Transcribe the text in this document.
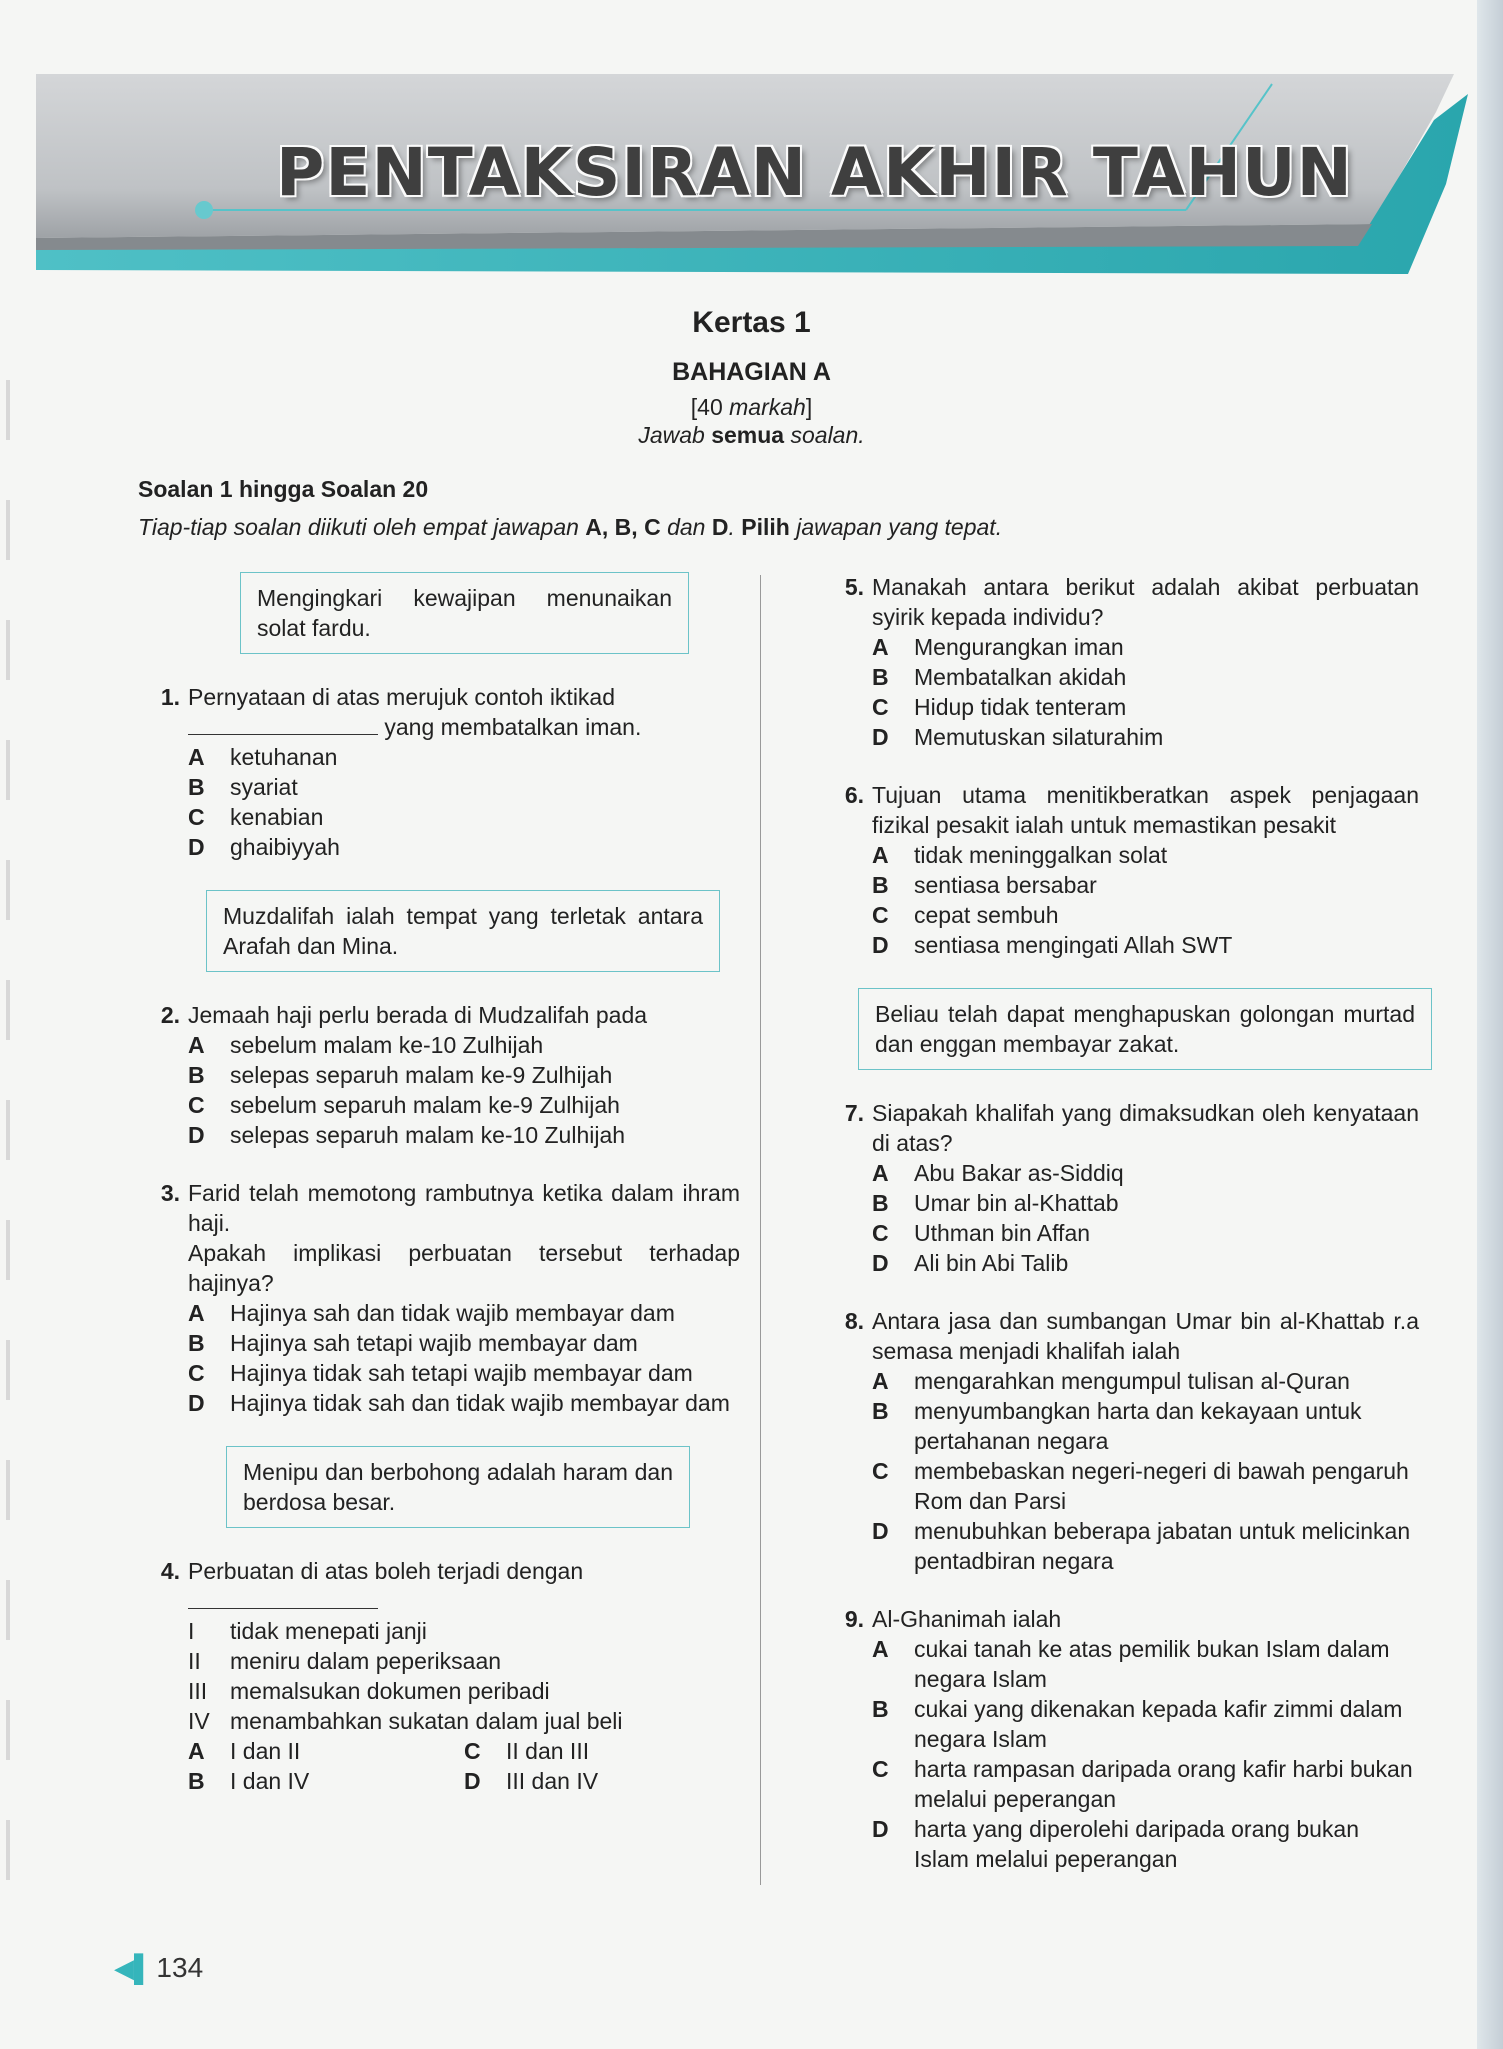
PENTAKSIRAN AKHIR TAHUN
Kertas 1
BAHAGIAN A
[40 markah]
Jawab semua soalan.
Soalan 1 hingga Soalan 20
Tiap-tiap soalan diikuti oleh empat jawapan A, B, C dan D. Pilih jawapan yang tepat.
Mengingkari kewajipan menunaikan solat fardu.
1. Pernyataan di atas merujuk contoh iktikad
yang membatalkan iman.
A ketuhanan
B syariat
C kenabian
D ghaibiyyah
Muzdalifah ialah tempat yang terletak antara Arafah dan Mina.
2. Jemaah haji perlu berada di Mudzalifah pada
A sebelum malam ke-10 Zulhijah
B selepas separuh malam ke-9 Zulhijah
C sebelum separuh malam ke-9 Zulhijah
D selepas separuh malam ke-10 Zulhijah
3. Farid telah memotong rambutnya ketika dalam ihram haji.
Apakah implikasi perbuatan tersebut terhadap hajinya?
A Hajinya sah dan tidak wajib membayar dam
B Hajinya sah tetapi wajib membayar dam
C Hajinya tidak sah tetapi wajib membayar dam
D Hajinya tidak sah dan tidak wajib membayar dam
Menipu dan berbohong adalah haram dan berdosa besar.
4. Perbuatan di atas boleh terjadi dengan

I tidak menepati janji
II meniru dalam peperiksaan
III memalsukan dokumen peribadi
IV menambahkan sukatan dalam jual beli
A I dan II	C II dan III
B I dan IV	D III dan IV
5. Manakah antara berikut adalah akibat perbuatan syirik kepada individu?
A Mengurangkan iman
B Membatalkan akidah
C Hidup tidak tenteram
D Memutuskan silaturahim
6. Tujuan utama menitikberatkan aspek penjagaan fizikal pesakit ialah untuk memastikan pesakit
A tidak meninggalkan solat
B sentiasa bersabar
C cepat sembuh
D sentiasa mengingati Allah SWT
Beliau telah dapat menghapuskan golongan murtad dan enggan membayar zakat.
7. Siapakah khalifah yang dimaksudkan oleh kenyataan di atas?
A Abu Bakar as-Siddiq
B Umar bin al-Khattab
C Uthman bin Affan
D Ali bin Abi Talib
8. Antara jasa dan sumbangan Umar bin al-Khattab r.a semasa menjadi khalifah ialah
A mengarahkan mengumpul tulisan al-Quran
B menyumbangkan harta dan kekayaan untuk pertahanan negara
C membebaskan negeri-negeri di bawah pengaruh Rom dan Parsi
D menubuhkan beberapa jabatan untuk melicinkan pentadbiran negara
9. Al-Ghanimah ialah
A cukai tanah ke atas pemilik bukan Islam dalam negara Islam
B cukai yang dikenakan kepada kafir zimmi dalam negara Islam
C harta rampasan daripada orang kafir harbi bukan melalui peperangan
D harta yang diperolehi daripada orang bukan Islam melalui peperangan
◀▌ 134
